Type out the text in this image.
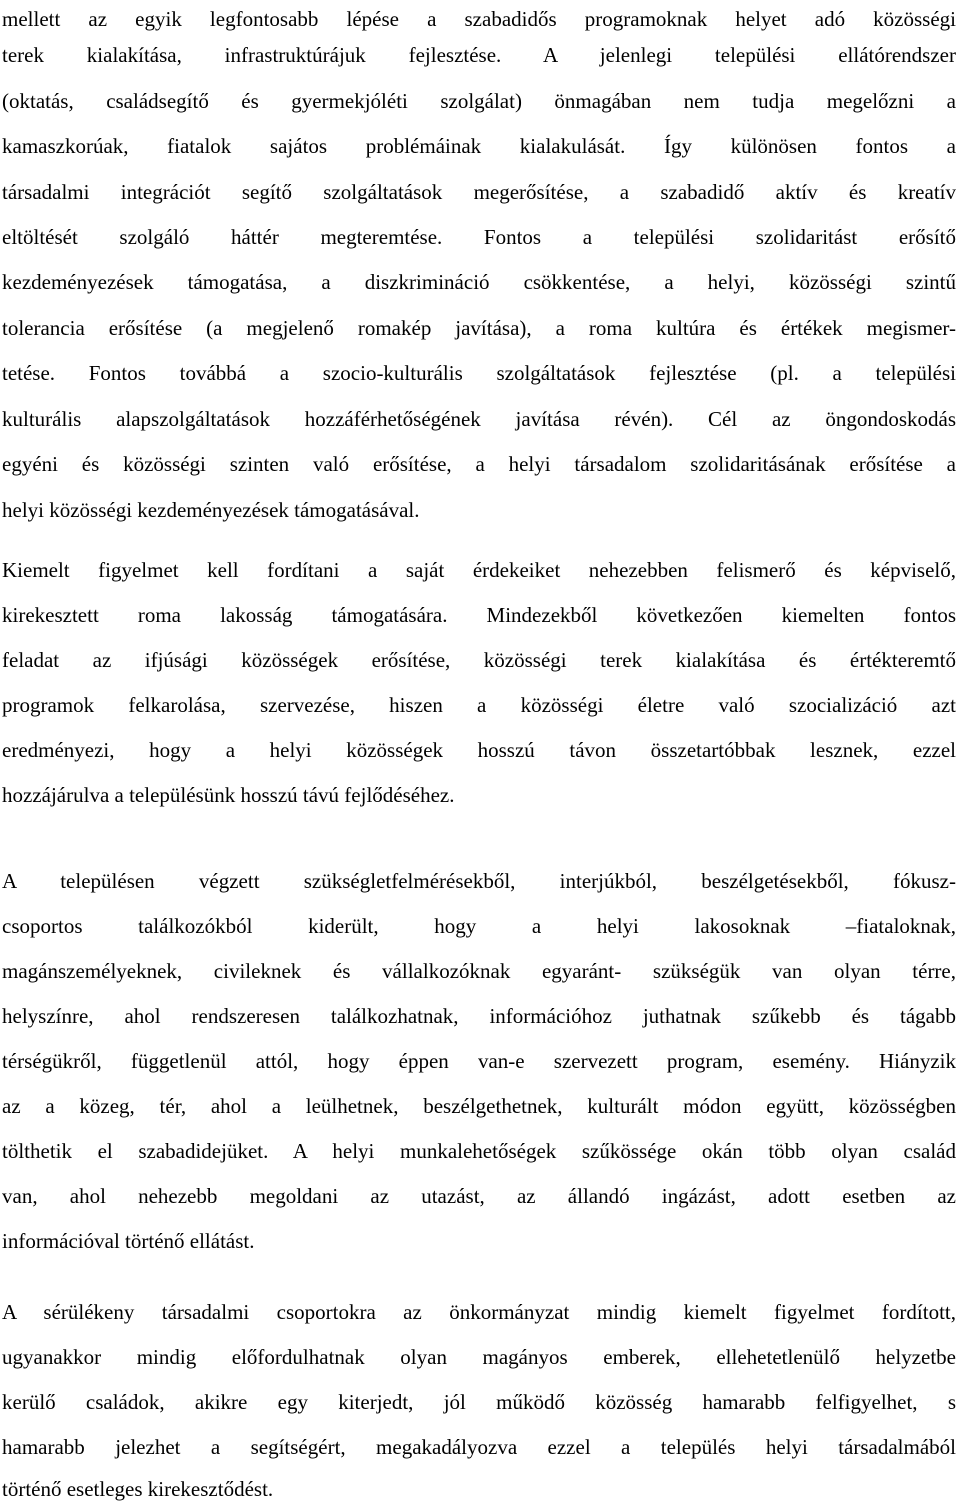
mellett az egyik legfontosabb lépése a szabadidős programoknak helyet adó közösségi
terek kialakítása, infrastruktúrájuk fejlesztése. A jelenlegi települési ellátórendszer
(oktatás, családsegítő és gyermekjóléti szolgálat) önmagában nem tudja megelőzni a
kamaszkorúak, fiatalok sajátos problémáinak kialakulását. Így különösen fontos a
társadalmi integrációt segítő szolgáltatások megerősítése, a szabadidő aktív és kreatív
eltöltését szolgáló háttér megteremtése. Fontos a települési szolidaritást erősítő
kezdeményezések támogatása, a diszkrimináció csökkentése, a helyi, közösségi szintű
tolerancia erősítése (a megjelenő romakép javítása), a roma kultúra és értékek megismer-
tetése. Fontos továbbá a szocio-kulturális szolgáltatások fejlesztése (pl. a települési
kulturális alapszolgáltatások hozzáférhetőségének javítása révén). Cél az öngondoskodás
egyéni és közösségi szinten való erősítése, a helyi társadalom szolidaritásának erősítése a
helyi közösségi kezdeményezések támogatásával.
Kiemelt figyelmet kell fordítani a saját érdekeiket nehezebben felismerő és képviselő,
kirekesztett roma lakosság támogatására. Mindezekből következően kiemelten fontos
feladat az ifjúsági közösségek erősítése, közösségi terek kialakítása és értékteremtő
programok felkarolása, szervezése, hiszen a közösségi életre való szocializáció azt
eredményezi, hogy a helyi közösségek hosszú távon összetartóbbak lesznek, ezzel
hozzájárulva a településünk hosszú távú fejlődéséhez.
A településen végzett szükségletfelmérésekből, interjúkból, beszélgetésekből, fókusz-
csoportos találkozókból kiderült, hogy a helyi lakosoknak –fiataloknak,
magánszemélyeknek, civileknek és vállalkozóknak egyaránt- szükségük van olyan térre,
helyszínre, ahol rendszeresen találkozhatnak, információhoz juthatnak szűkebb és tágabb
térségükről, függetlenül attól, hogy éppen van-e szervezett program, esemény. Hiányzik
az a közeg, tér, ahol a leülhetnek, beszélgethetnek, kulturált módon együtt, közösségben
tölthetik el szabadidejüket. A helyi munkalehetőségek szűkössége okán több olyan család
van, ahol nehezebb megoldani az utazást, az állandó ingázást, adott esetben az
információval történő ellátást.
A sérülékeny társadalmi csoportokra az önkormányzat mindig kiemelt figyelmet fordított,
ugyanakkor mindig előfordulhatnak olyan magányos emberek, ellehetetlenülő helyzetbe
kerülő családok, akikre egy kiterjedt, jól működő közösség hamarabb felfigyelhet, s
hamarabb jelezhet a segítségért, megakadályozva ezzel a település helyi társadalmából
történő esetleges kirekesztődést.
